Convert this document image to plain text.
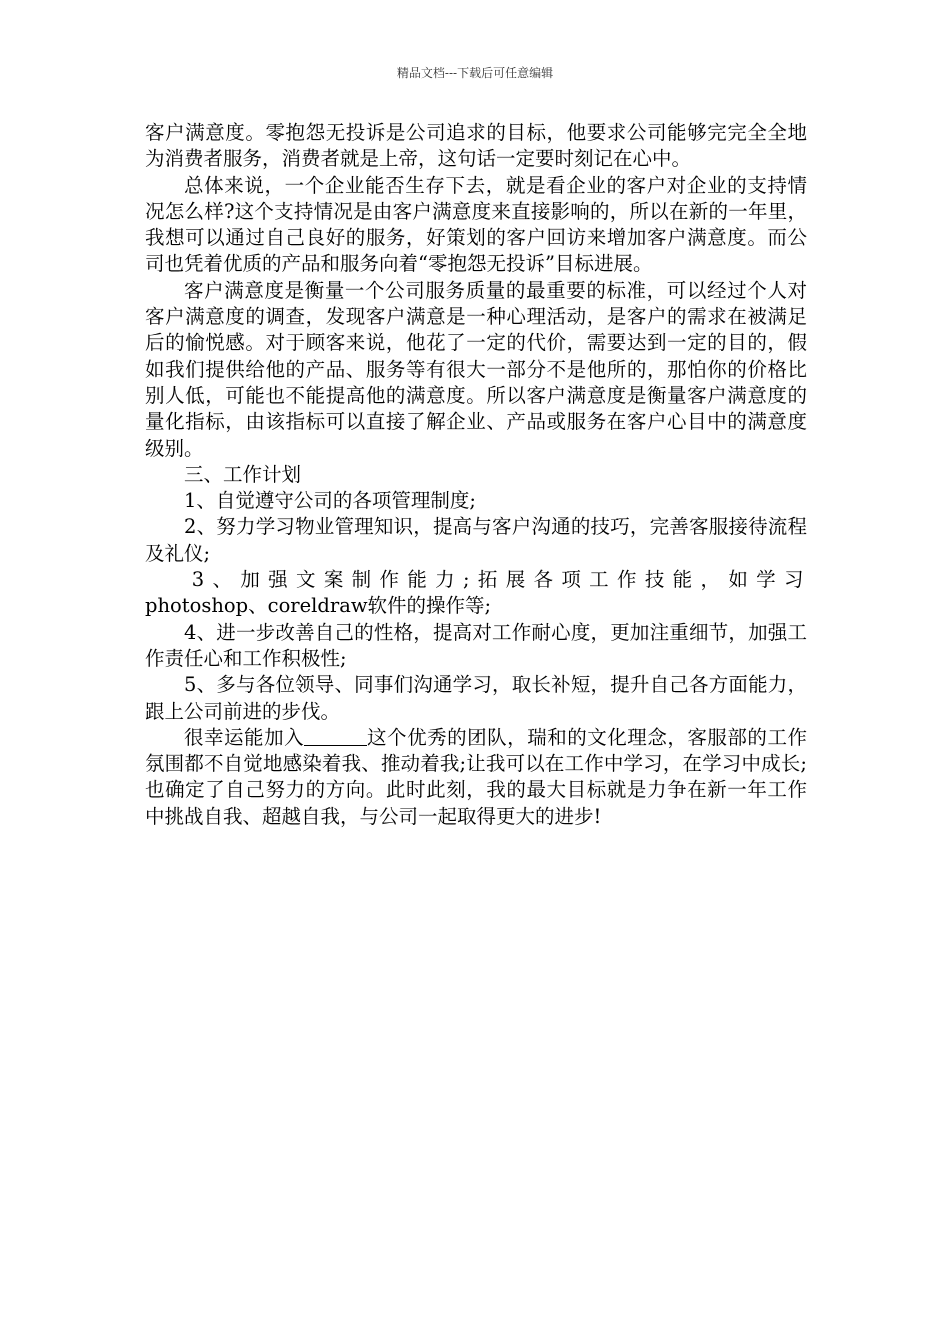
精品文档---下载后可任意编辑

客户满意度。零抱怨无投诉是公司追求的目标，他要求公司能够完完全全地为消费者服务，消费者就是上帝，这句话一定要时刻记在心中。

总体来说，一个企业能否生存下去，就是看企业的客户对企业的支持情况怎么样?这个支持情况是由客户满意度来直接影响的，所以在新的一年里，我想可以通过自己良好的服务，好策划的客户回访来增加客户满意度。而公司也凭着优质的产品和服务向着“零抱怨无投诉”目标进展。

客户满意度是衡量一个公司服务质量的最重要的标准，可以经过个人对客户满意度的调查，发现客户满意是一种心理活动，是客户的需求在被满足后的愉悦感。对于顾客来说，他花了一定的代价，需要达到一定的目的，假如我们提供给他的产品、服务等有很大一部分不是他所的，那怕你的价格比别人低，可能也不能提高他的满意度。所以客户满意度是衡量客户满意度的量化指标，由该指标可以直接了解企业、产品或服务在客户心目中的满意度级别。

三、工作计划

1、自觉遵守公司的各项管理制度;

2、努力学习物业管理知识，提高与客户沟通的技巧，完善客服接待流程及礼仪;

3、加强文案制作能力;拓展各项工作技能，如学习photoshop、coreldraw软件的操作等;

4、进一步改善自己的性格，提高对工作耐心度，更加注重细节，加强工作责任心和工作积极性;

5、多与各位领导、同事们沟通学习，取长补短，提升自己各方面能力，跟上公司前进的步伐。

很幸运能加入	这个优秀的团队，瑞和的文化理念，客服部的工作氛围都不自觉地感染着我、推动着我;让我可以在工作中学习，在学习中成长;也确定了自己努力的方向。此时此刻，我的最大目标就是力争在新一年工作中挑战自我、超越自我，与公司一起取得更大的进步!
